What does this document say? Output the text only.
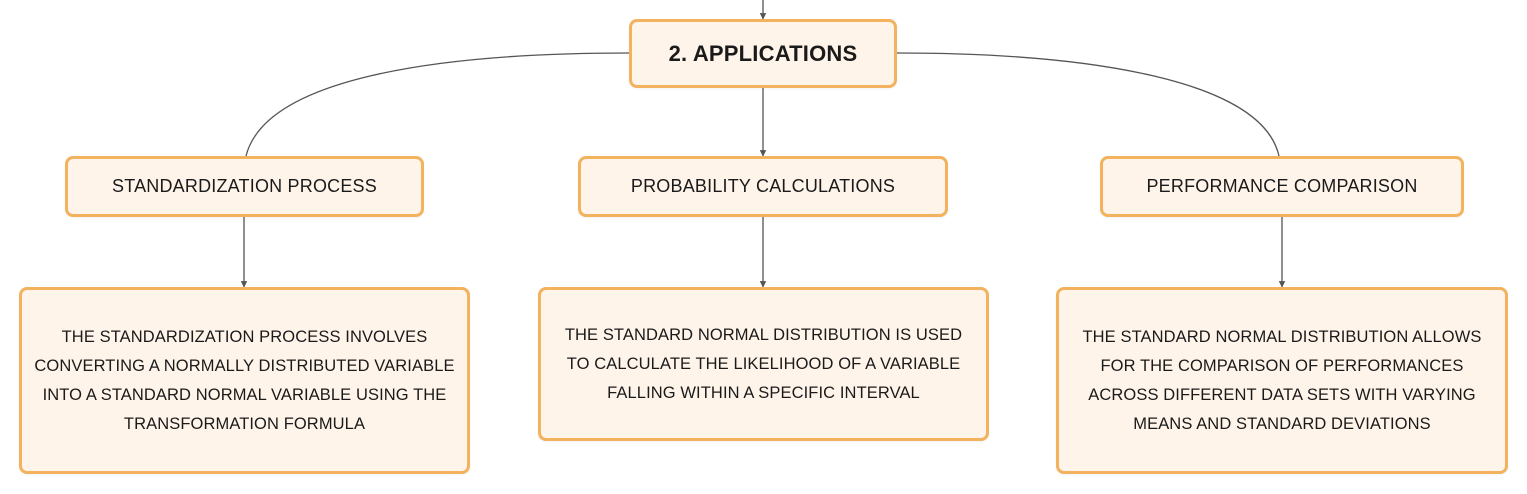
2. APPLICATIONS
STANDARDIZATION PROCESS	PROBABILITY CALCULATIONS	PERFORMANCE COMPARISON
THE STANDARDIZATION PROCESS INVOLVES CONVERTING A NORMALLY DISTRIBUTED VARIABLE INTO A STANDARD NORMAL VARIABLE USING THE TRANSFORMATION FORMULA
THE STANDARD NORMAL DISTRIBUTION IS USED TO CALCULATE THE LIKELIHOOD OF A VARIABLE FALLING WITHIN A SPECIFIC INTERVAL
THE STANDARD NORMAL DISTRIBUTION ALLOWS FOR THE COMPARISON OF PERFORMANCES ACROSS DIFFERENT DATA SETS WITH VARYING MEANS AND STANDARD DEVIATIONS
